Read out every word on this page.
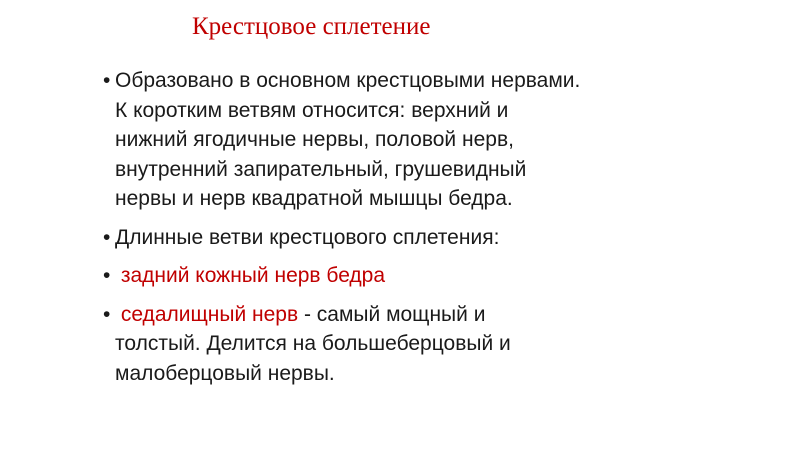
Крестцовое сплетение
• Образовано в основном крестцовыми нервами.
К коротким ветвям относится: верхний и
нижний ягодичные нервы, половой нерв,
внутренний запирательный, грушевидный
нервы и нерв квадратной мышцы бедра.
• Длинные ветви крестцового сплетения:
• задний кожный нерв бедра
• седалищный нерв - самый мощный и
толстый. Делится на большеберцовый и
малоберцовый нервы.
